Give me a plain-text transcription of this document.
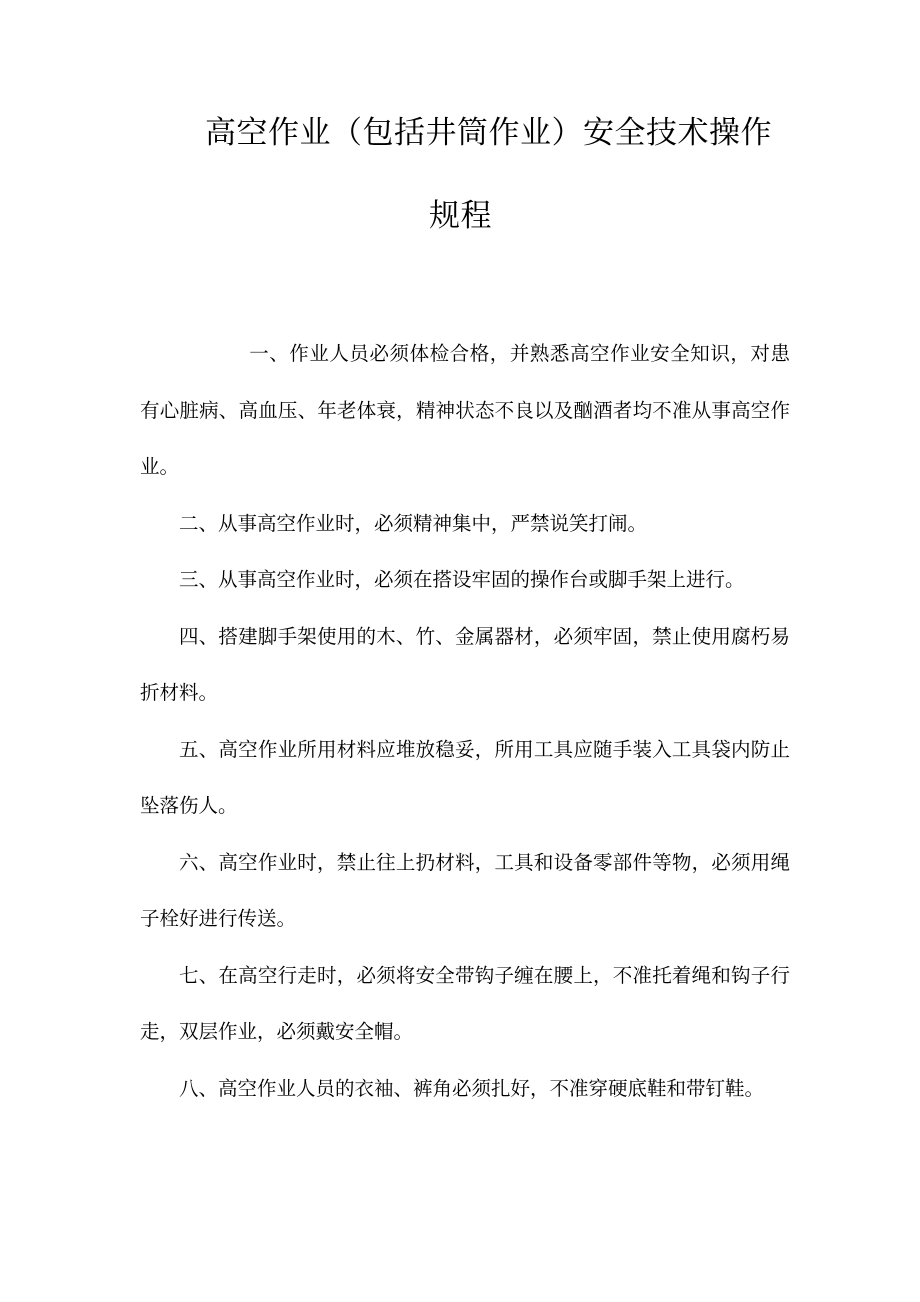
高空作业（包括井筒作业）安全技术操作
规程

一、作业人员必须体检合格，并熟悉高空作业安全知识，对患有心脏病、高血压、年老体衰，精神状态不良以及酗酒者均不准从事高空作业。

二、从事高空作业时，必须精神集中，严禁说笑打闹。

三、从事高空作业时，必须在搭设牢固的操作台或脚手架上进行。

四、搭建脚手架使用的木、竹、金属器材，必须牢固，禁止使用腐朽易折材料。

五、高空作业所用材料应堆放稳妥，所用工具应随手装入工具袋内防止坠落伤人。

六、高空作业时，禁止往上扔材料，工具和设备零部件等物，必须用绳子栓好进行传送。

七、在高空行走时，必须将安全带钩子缠在腰上，不准托着绳和钩子行走，双层作业，必须戴安全帽。

八、高空作业人员的衣袖、裤角必须扎好，不准穿硬底鞋和带钉鞋。
